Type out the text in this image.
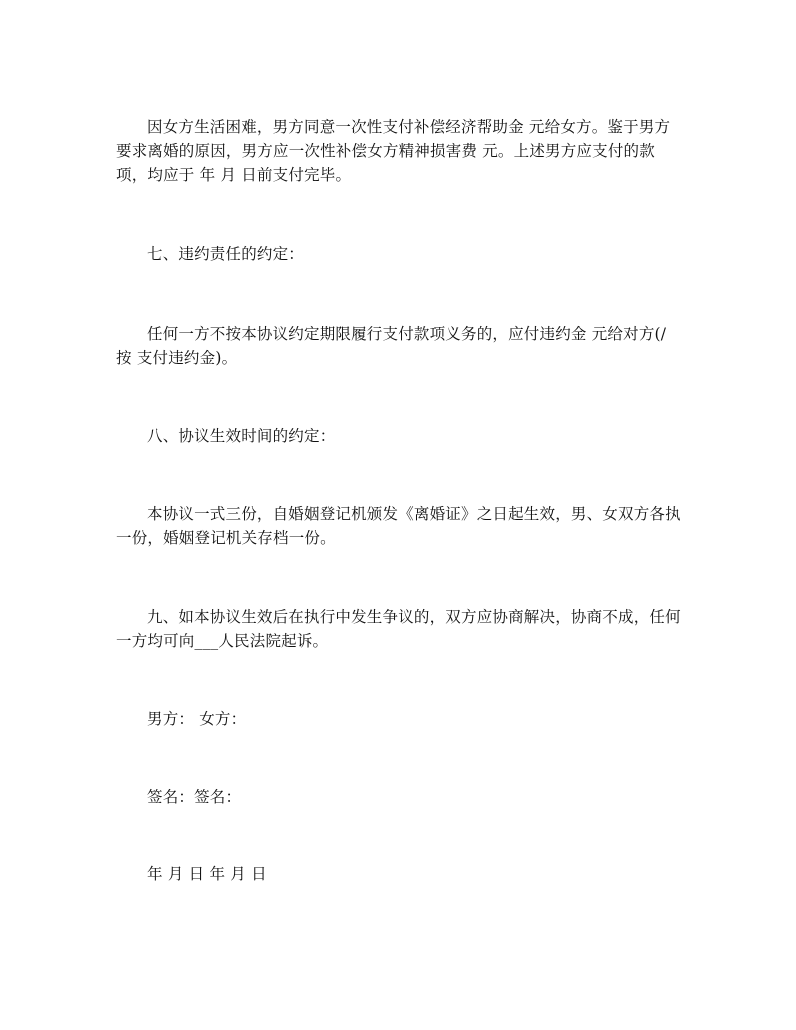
因女方生活困难，男方同意一次性支付补偿经济帮助金 元给女方。鉴于男方
要求离婚的原因，男方应一次性补偿女方精神损害费 元。上述男方应支付的款
项，均应于 年 月 日前支付完毕。
七、违约责任的约定：
任何一方不按本协议约定期限履行支付款项义务的，应付违约金 元给对方(/
按 支付违约金)。
八、协议生效时间的约定：
本协议一式三份，自婚姻登记机颁发《离婚证》之日起生效，男、女双方各执
一份，婚姻登记机关存档一份。
九、如本协议生效后在执行中发生争议的，双方应协商解决，协商不成，任何
一方均可向___人民法院起诉。
男方： 女方：
签名：签名：
年 月 日 年 月 日
